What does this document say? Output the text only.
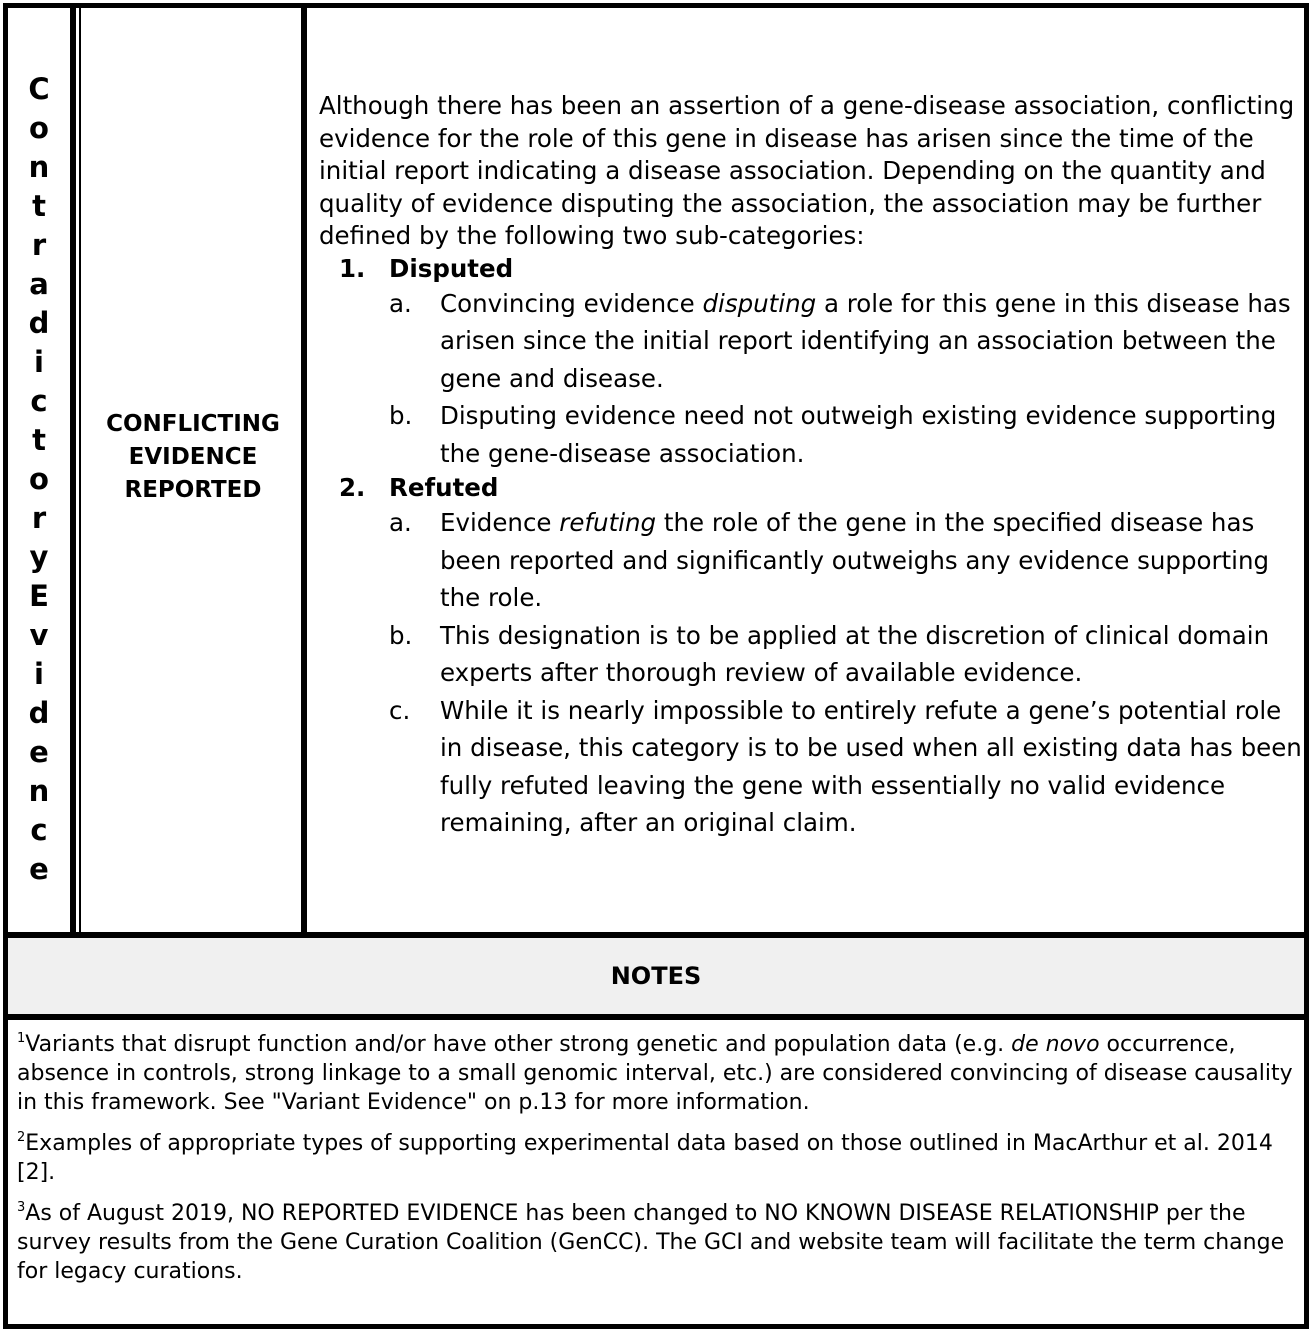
C
o
n
t
r
a
d
i
c
t
o
r
y
E
v
i
d
e
n
c
e
CONFLICTING
EVIDENCE
REPORTED

Although there has been an assertion of a gene-disease association, conflicting evidence for the role of this gene in disease has arisen since the time of the initial report indicating a disease association. Depending on the quantity and quality of evidence disputing the association, the association may be further defined by the following two sub-categories:

1. Disputed
a. Convincing evidence disputing a role for this gene in this disease has arisen since the initial report identifying an association between the gene and disease.
b. Disputing evidence need not outweigh existing evidence supporting the gene-disease association.
2. Refuted
a. Evidence refuting the role of the gene in the specified disease has been reported and significantly outweighs any evidence supporting the role.
b. This designation is to be applied at the discretion of clinical domain experts after thorough review of available evidence.
c. While it is nearly impossible to entirely refute a gene’s potential role in disease, this category is to be used when all existing data has been fully refuted leaving the gene with essentially no valid evidence remaining, after an original claim.
NOTES

$^1$Variants that disrupt function and/or have other strong genetic and population data (e.g. de novo occurrence, absence in controls, strong linkage to a small genomic interval, etc.) are considered convincing of disease causality in this framework. See "Variant Evidence" on p.13 for more information.

$^2$Examples of appropriate types of supporting experimental data based on those outlined in MacArthur et al. 2014 [2].

$^3$As of August 2019, NO REPORTED EVIDENCE has been changed to NO KNOWN DISEASE RELATIONSHIP per the survey results from the Gene Curation Coalition (GenCC). The GCI and website team will facilitate the term change for legacy curations.
